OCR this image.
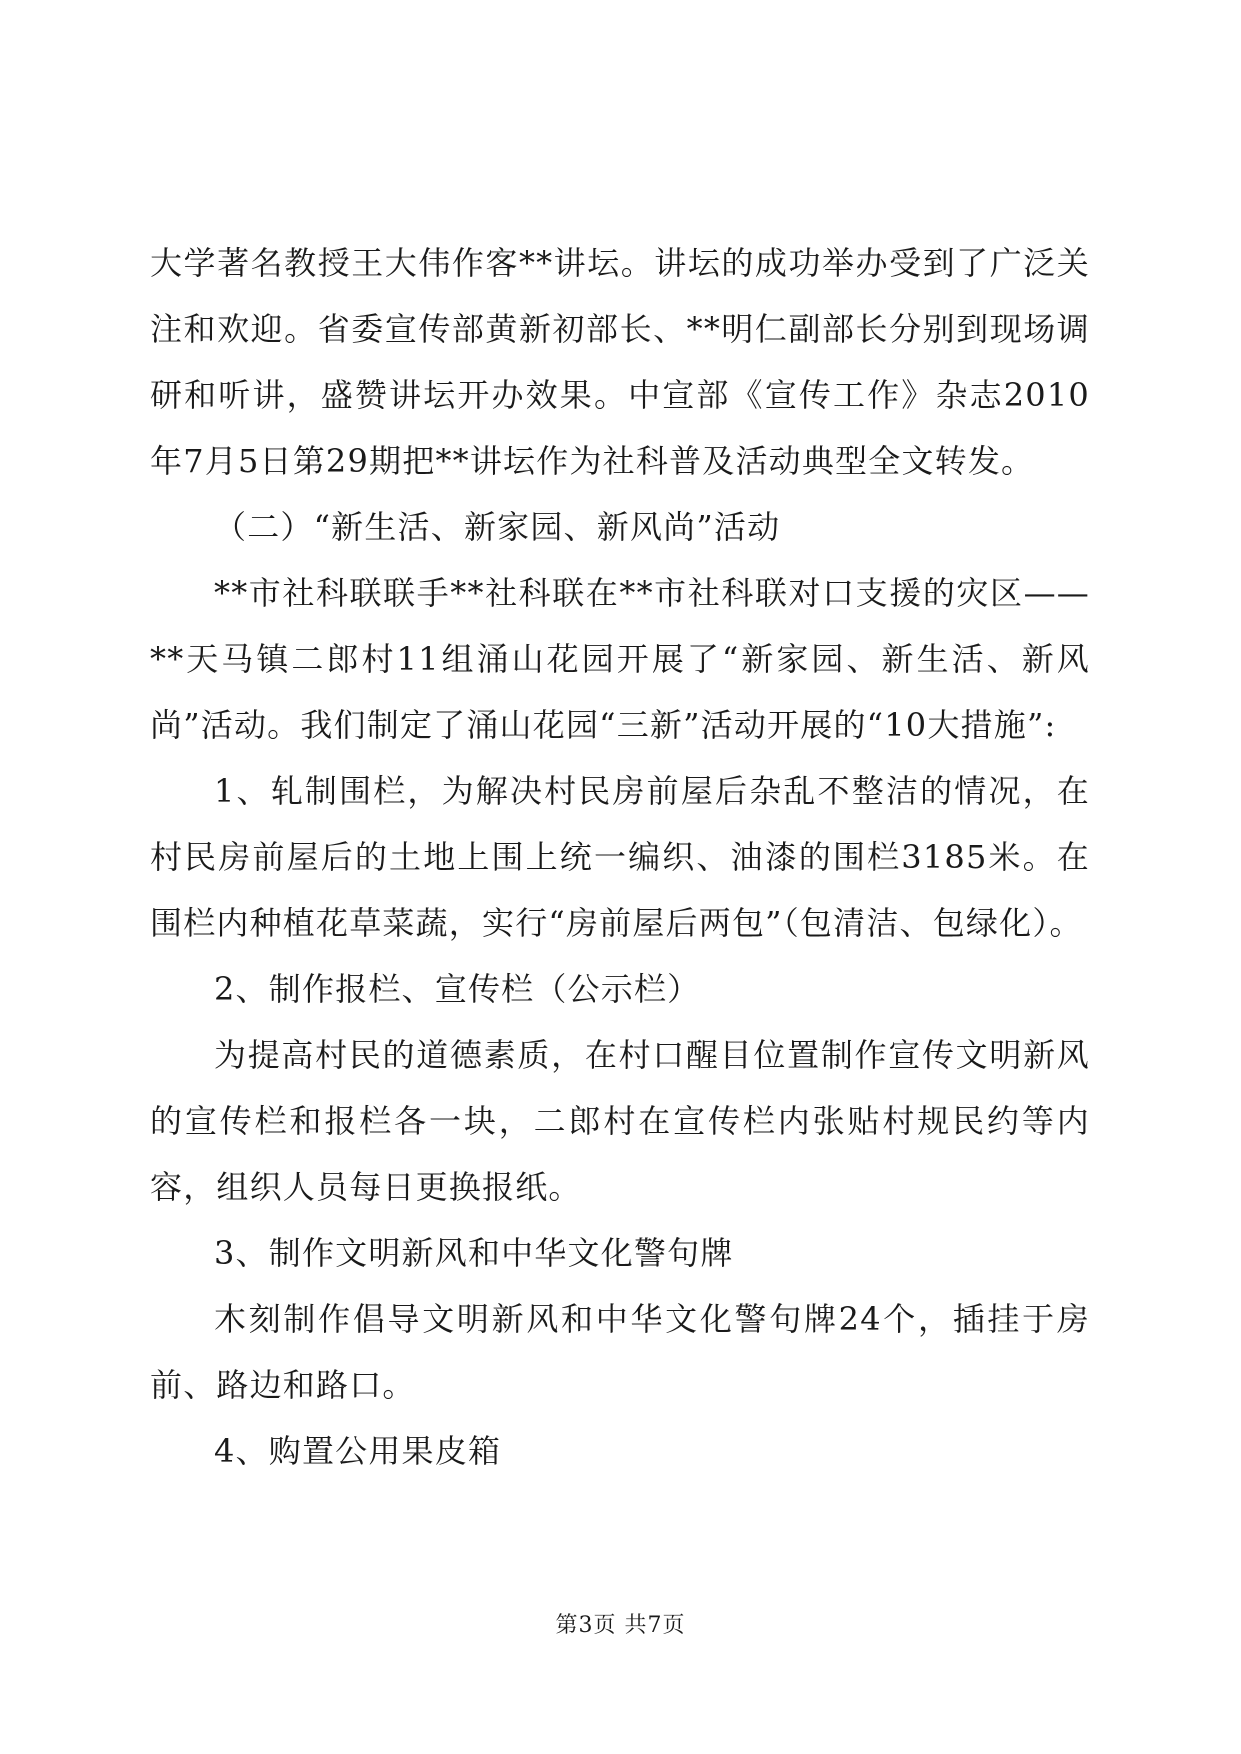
大学著名教授王大伟作客**讲坛。讲坛的成功举办受到了广泛关注和欢迎。省委宣传部黄新初部长、**明仁副部长分别到现场调研和听讲，盛赞讲坛开办效果。中宣部《宣传工作》杂志2010年7月5日第29期把**讲坛作为社科普及活动典型全文转发。

（二）“新生活、新家园、新风尚”活动

**市社科联联手**社科联在**市社科联对口支援的灾区——**天马镇二郎村11组涌山花园开展了“新家园、新生活、新风尚”活动。我们制定了涌山花园“三新”活动开展的“10大措施”:

1、轧制围栏，为解决村民房前屋后杂乱不整洁的情况，在村民房前屋后的土地上围上统一编织、油漆的围栏3185米。在围栏内种植花草菜蔬，实行“房前屋后两包”（包清洁、包绿化）。

2、制作报栏、宣传栏（公示栏）

为提高村民的道德素质，在村口醒目位置制作宣传文明新风的宣传栏和报栏各一块，二郎村在宣传栏内张贴村规民约等内容，组织人员每日更换报纸。

3、制作文明新风和中华文化警句牌

木刻制作倡导文明新风和中华文化警句牌24个，插挂于房前、路边和路口。

4、购置公用果皮箱

第3页 共7页
